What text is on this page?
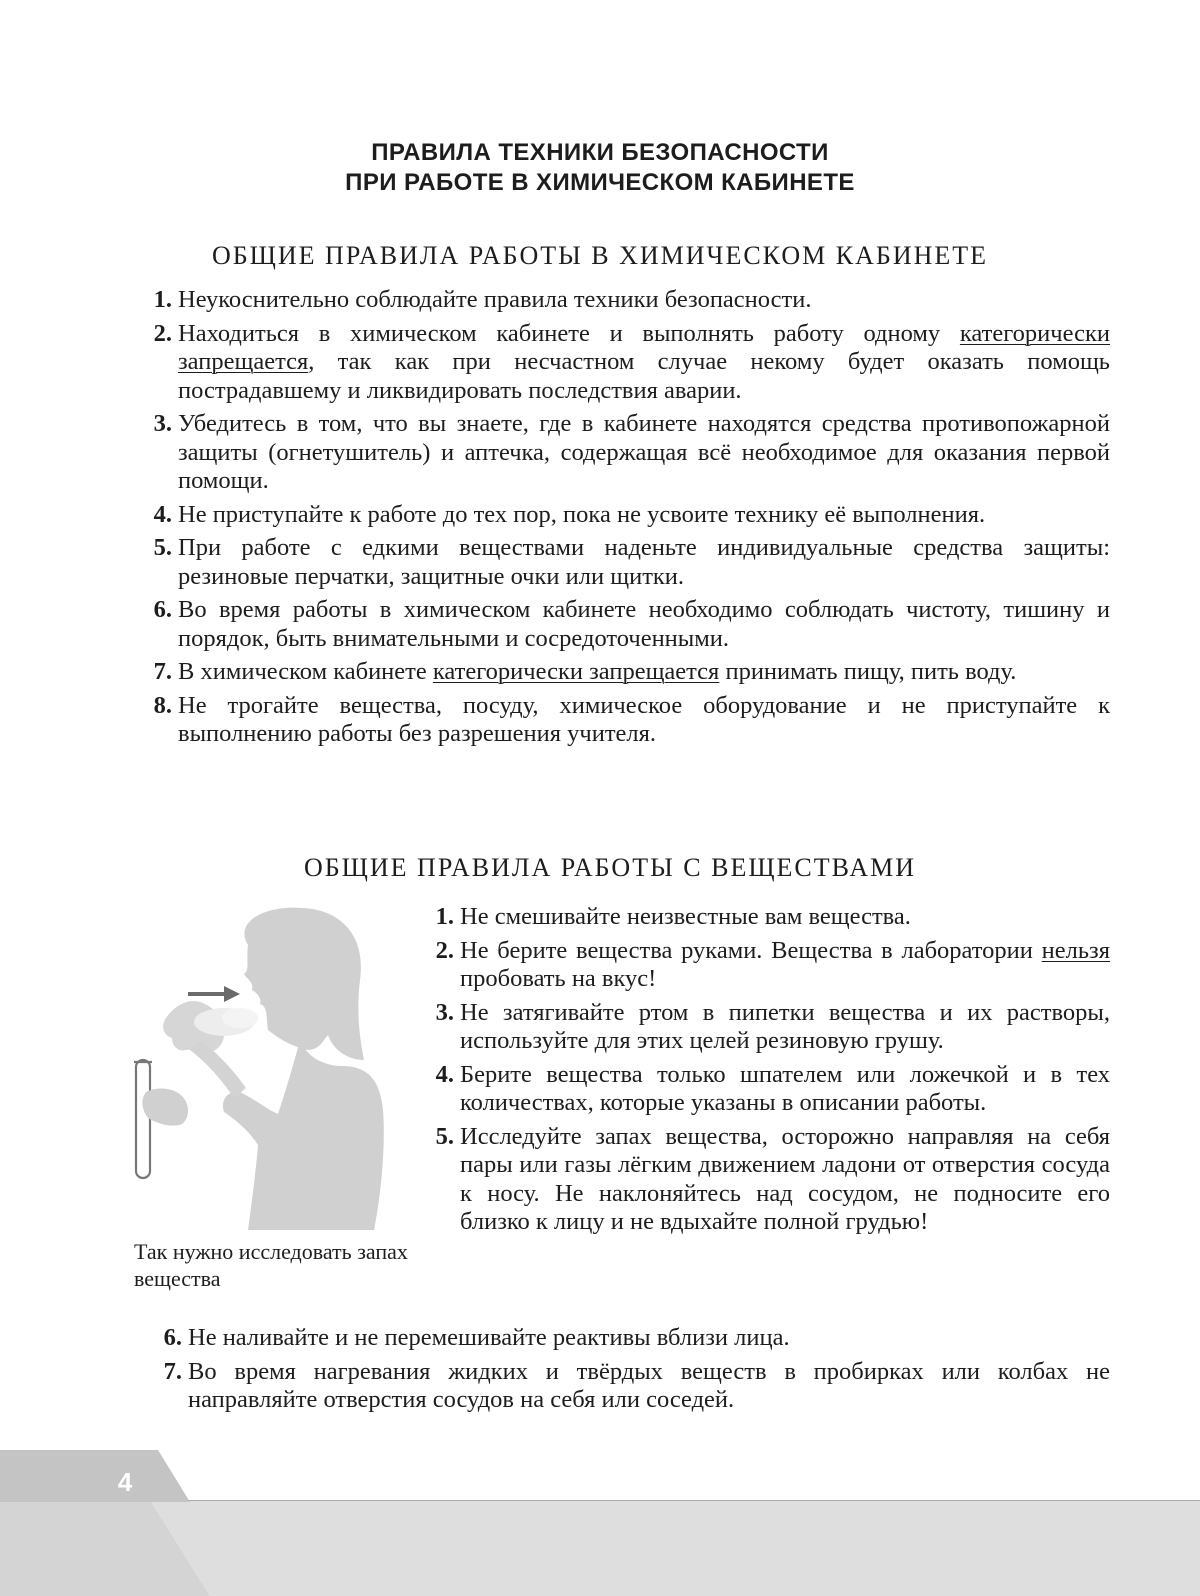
ПРАВИЛА ТЕХНИКИ БЕЗОПАСНОСТИ
ПРИ РАБОТЕ В ХИМИЧЕСКОМ КАБИНЕТЕ
ОБЩИЕ ПРАВИЛА РАБОТЫ В ХИМИЧЕСКОМ КАБИНЕТЕ
1. Неукоснительно соблюдайте правила техники безопасности.
2. Находиться в химическом кабинете и выполнять работу одному категорически запрещается, так как при несчастном случае некому будет оказать помощь пострадавшему и ликвидировать последствия аварии.
3. Убедитесь в том, что вы знаете, где в кабинете находятся средства противопожарной защиты (огнетушитель) и аптечка, содержащая всё необходимое для оказания первой помощи.
4. Не приступайте к работе до тех пор, пока не усвоите технику её выполнения.
5. При работе с едкими веществами наденьте индивидуальные средства защиты: резиновые перчатки, защитные очки или щитки.
6. Во время работы в химическом кабинете необходимо соблюдать чистоту, тишину и порядок, быть внимательными и сосредоточенными.
7. В химическом кабинете категорически запрещается принимать пищу, пить воду.
8. Не трогайте вещества, посуду, химическое оборудование и не приступайте к выполнению работы без разрешения учителя.
ОБЩИЕ ПРАВИЛА РАБОТЫ С ВЕЩЕСТВАМИ
Так нужно исследовать запах вещества
1. Не смешивайте неизвестные вам вещества.
2. Не берите вещества руками. Вещества в лаборатории нельзя пробовать на вкус!
3. Не затягивайте ртом в пипетки вещества и их растворы, используйте для этих целей резиновую грушу.
4. Берите вещества только шпателем или ложечкой и в тех количествах, которые указаны в описании работы.
5. Исследуйте запах вещества, осторожно направляя на себя пары или газы лёгким движением ладони от отверстия сосуда к носу. Не наклоняйтесь над сосудом, не подносите его близко к лицу и не вдыхайте полной грудью!
6. Не наливайте и не перемешивайте реактивы вблизи лица.
7. Во время нагревания жидких и твёрдых веществ в пробирках или колбах не направляйте отверстия сосудов на себя или соседей.
4
